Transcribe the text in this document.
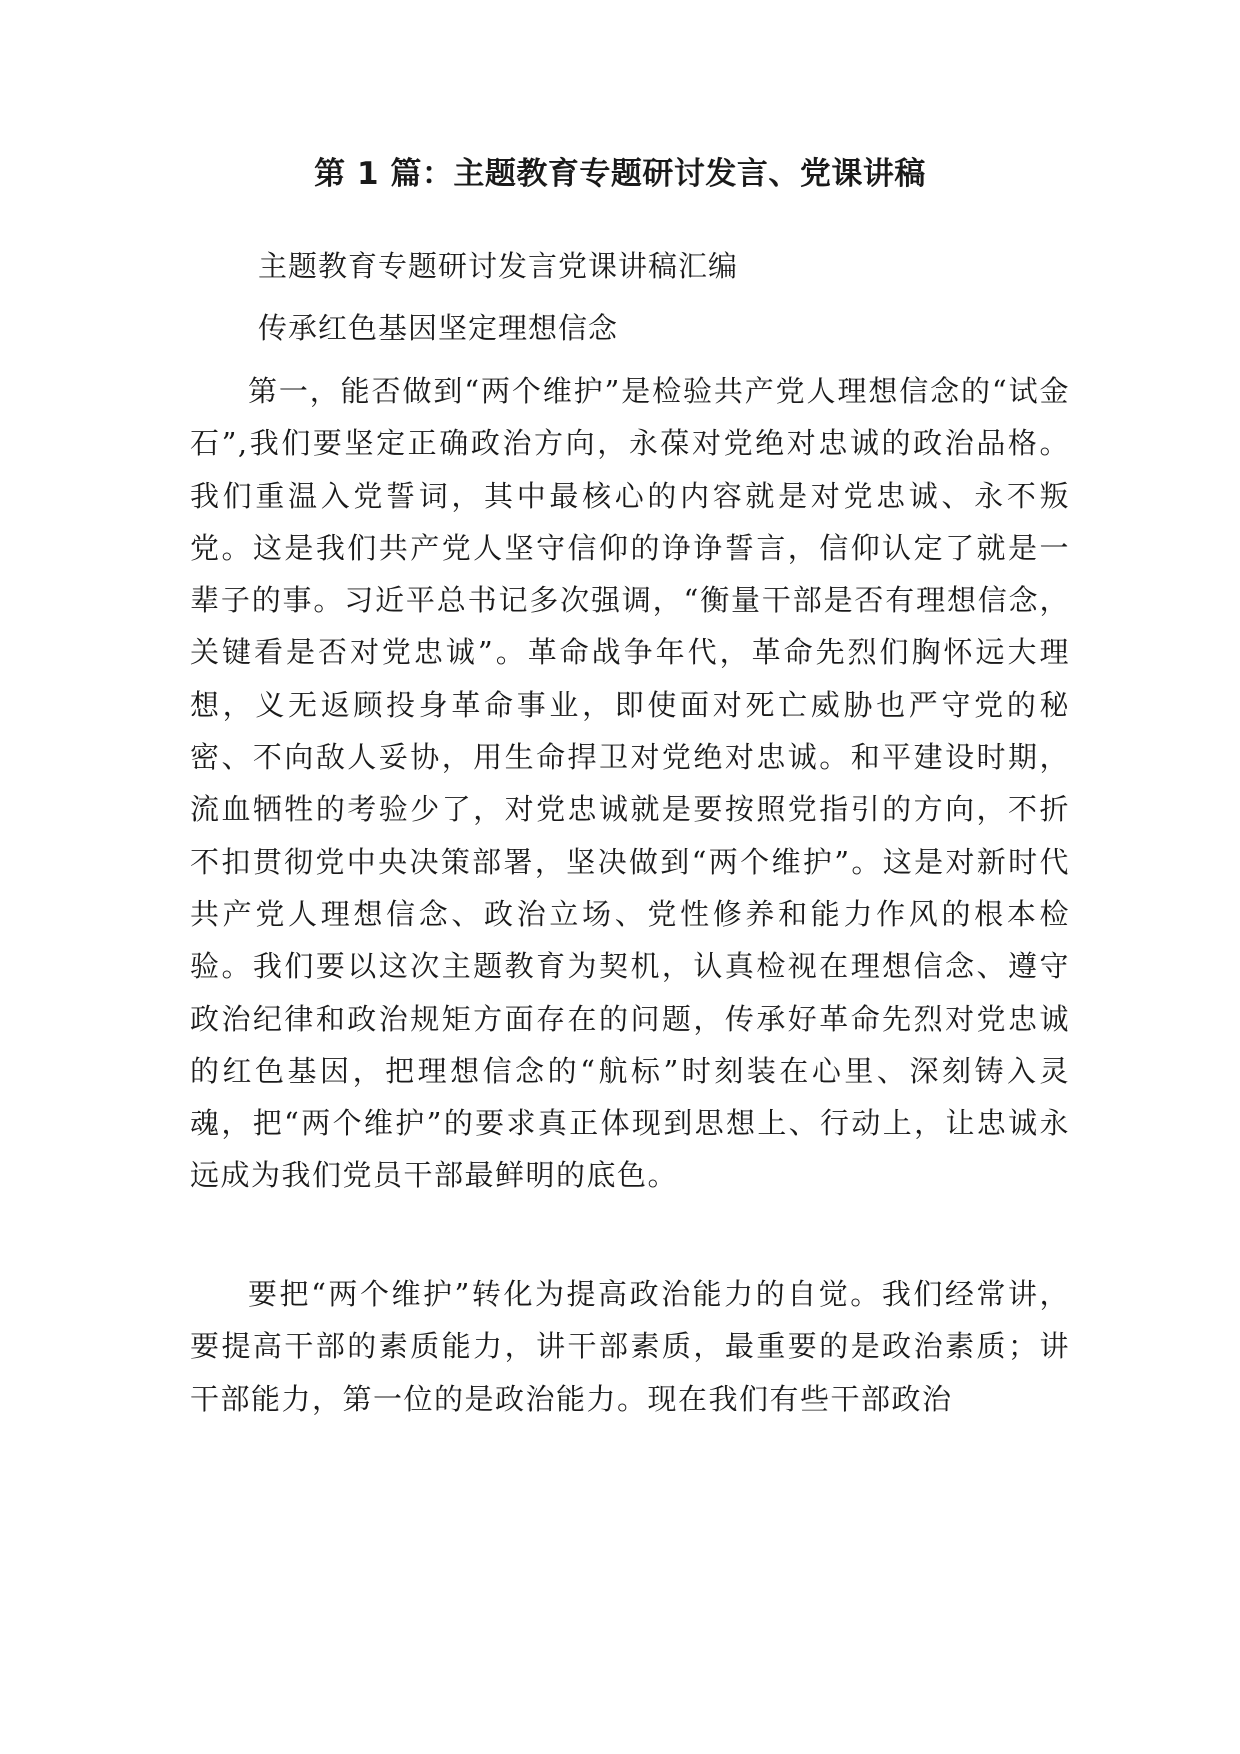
第 1 篇：主题教育专题研讨发言、党课讲稿

主题教育专题研讨发言党课讲稿汇编

传承红色基因坚定理想信念

第一，能否做到“两个维护”是检验共产党人理想信念的“试金石”,我们要坚定正确政治方向，永葆对党绝对忠诚的政治品格。我们重温入党誓词，其中最核心的内容就是对党忠诚、永不叛党。这是我们共产党人坚守信仰的诤诤誓言，信仰认定了就是一辈子的事。习近平总书记多次强调，“衡量干部是否有理想信念，关键看是否对党忠诚”。革命战争年代，革命先烈们胸怀远大理想，义无返顾投身革命事业，即使面对死亡威胁也严守党的秘密、不向敌人妥协，用生命捍卫对党绝对忠诚。和平建设时期，流血牺牲的考验少了，对党忠诚就是要按照党指引的方向，不折不扣贯彻党中央决策部署，坚决做到“两个维护”。这是对新时代共产党人理想信念、政治立场、党性修养和能力作风的根本检验。我们要以这次主题教育为契机，认真检视在理想信念、遵守政治纪律和政治规矩方面存在的问题，传承好革命先烈对党忠诚的红色基因，把理想信念的“航标”时刻装在心里、深刻铸入灵魂，把“两个维护”的要求真正体现到思想上、行动上，让忠诚永远成为我们党员干部最鲜明的底色。

要把“两个维护”转化为提高政治能力的自觉。我们经常讲，要提高干部的素质能力，讲干部素质，最重要的是政治素质；讲干部能力，第一位的是政治能力。现在我们有些干部政治
